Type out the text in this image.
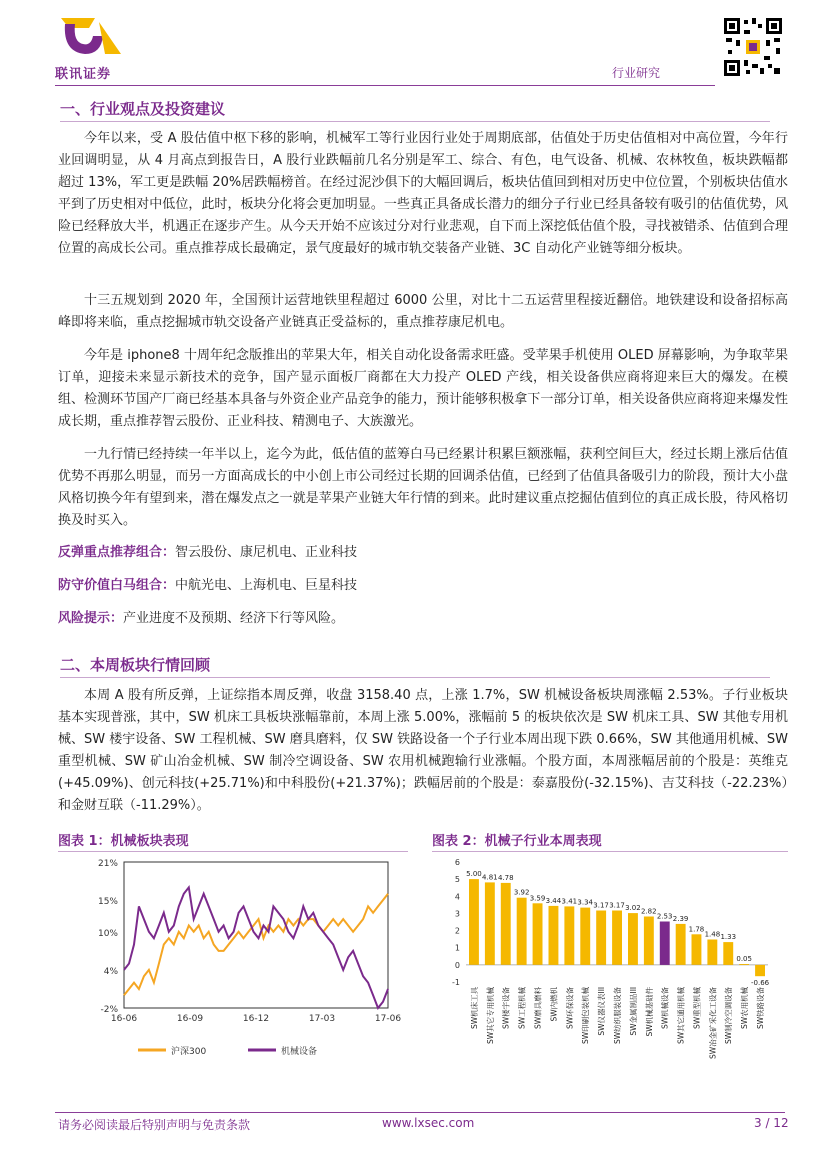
联讯证券	行业研究
一、行业观点及投资建议
今年以来，受 A 股估值中枢下移的影响，机械军工等行业因行业处于周期底部，估值处于历史估值相对中高位置，今年行业回调明显，从 4 月高点到报告日，A 股行业跌幅前几名分别是军工、综合、有色，电气设备、机械、农林牧鱼，板块跌幅都超过 13%，军工更是跌幅 20%居跌幅榜首。在经过泥沙俱下的大幅回调后，板块估值回到相对历史中位位置，个别板块估值水平到了历史相对中低位，此时，板块分化将会更加明显。一些真正具备成长潜力的细分子行业已经具备较有吸引的估值优势，风险已经释放大半，机遇正在逐步产生。从今天开始不应该过分对行业悲观，自下而上深挖低估值个股，寻找被错杀、估值到合理位置的高成长公司。重点推荐成长最确定，景气度最好的城市轨交装备产业链、3C 自动化产业链等细分板块。
十三五规划到 2020 年，全国预计运营地铁里程超过 6000 公里，对比十二五运营里程接近翻倍。地铁建设和设备招标高峰即将来临，重点挖掘城市轨交设备产业链真正受益标的，重点推荐康尼机电。
今年是 iphone8 十周年纪念版推出的苹果大年，相关自动化设备需求旺盛。受苹果手机使用 OLED 屏幕影响，为争取苹果订单，迎接未来显示新技术的竞争，国产显示面板厂商都在大力投产 OLED 产线，相关设备供应商将迎来巨大的爆发。在模组、检测环节国产厂商已经基本具备与外资企业产品竞争的能力，预计能够积极拿下一部分订单，相关设备供应商将迎来爆发性成长期，重点推荐智云股份、正业科技、精测电子、大族激光。
一九行情已经持续一年半以上，迄今为此，低估值的蓝筹白马已经累计积累巨额涨幅，获利空间巨大，经过长期上涨后估值优势不再那么明显，而另一方面高成长的中小创上市公司经过长期的回调杀估值，已经到了估值具备吸引力的阶段，预计大小盘风格切换今年有望到来，潜在爆发点之一就是苹果产业链大年行情的到来。此时建议重点挖掘估值到位的真正成长股，待风格切换及时买入。
反弹重点推荐组合：智云股份、康尼机电、正业科技
防守价值白马组合：中航光电、上海机电、巨星科技
风险提示：产业进度不及预期、经济下行等风险。
二、本周板块行情回顾
本周 A 股有所反弹，上证综指本周反弹，收盘 3158.40 点，上涨 1.7%，SW 机械设备板块周涨幅 2.53%。子行业板块基本实现普涨，其中，SW 机床工具板块涨幅靠前，本周上涨 5.00%，涨幅前 5 的板块依次是 SW 机床工具、SW 其他专用机械、SW 楼宇设备、SW 工程机械、SW 磨具磨料，仅 SW 铁路设备一个子行业本周出现下跌 0.66%，SW 其他通用机械、SW 重型机械、SW 矿山冶金机械、SW 制冷空调设备、SW 农用机械跑输行业涨幅。个股方面，本周涨幅居前的个股是：英维克(+45.09%)、创元科技(+25.71%)和中科股份(+21.37%)；跌幅居前的个股是：泰嘉股份(-32.15%)、吉艾科技（-22.23%）和金财互联（-11.29%）。
图表 1：机械板块表现
21%
15%
10%
4%
-2%
16-06	16-09	16-12	17-03	17-06
沪深300	机械设备
图表 2：机械子行业本周表现
6
5
4
3
2
1
0
-1
5.00
SW机床工具
4.81
SW其它专用机械
4.78
SW楼宇设备
3.92
SW工程机械
3.59
SW磨具磨料
3.44
SW内燃机
3.41
SW环保设备
3.34
SW印刷包装机械
3.17
SW仪器仪表III
3.17
SW纺织服装设备
3.02
SW金属制品III
2.82
SW机械基础件
2.53
SW机械设备
2.39
SW其它通用机械
1.78
SW重型机械
1.48
SW冶金矿采化工设备
1.33
SW制冷空调设备
0.05
SW农用机械
-0.66
SW铁路设备
请务必阅读最后特别声明与免责条款	www.lxsec.com	3 / 12
